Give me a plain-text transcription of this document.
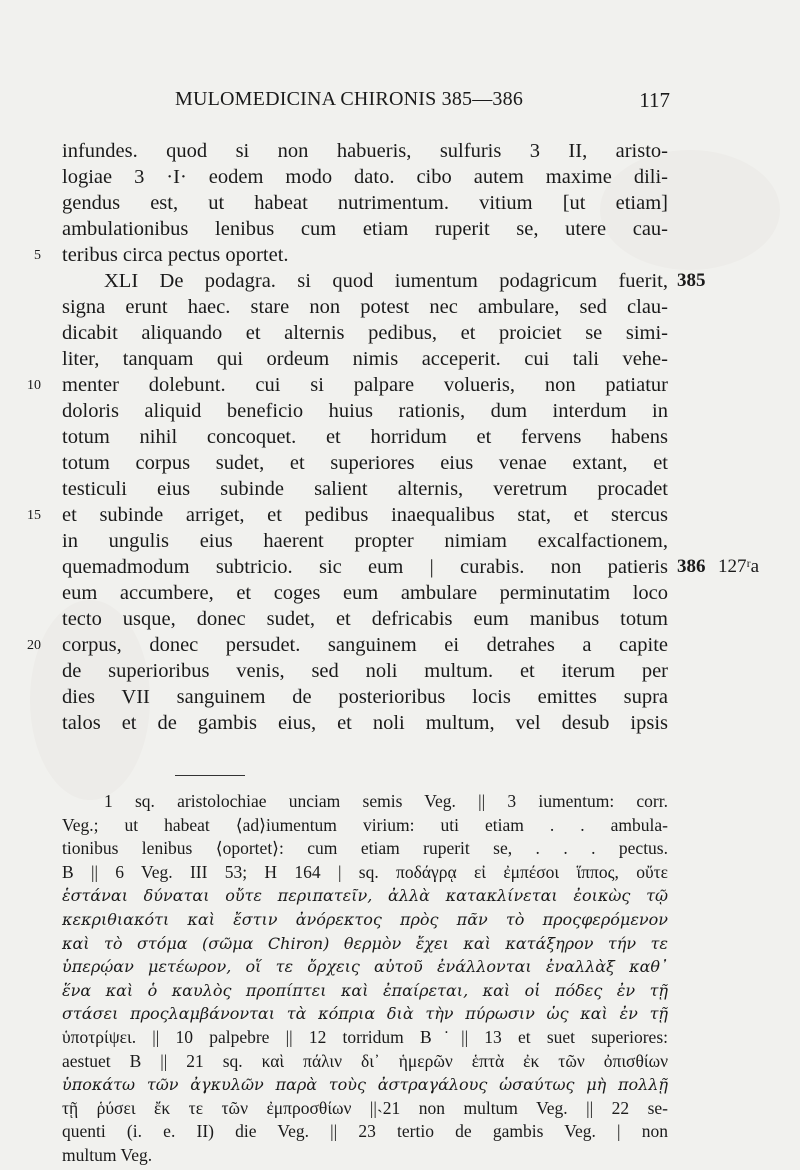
MULOMEDICINA CHIRONIS 385—386	117
infundes. quod si non habueris, sulfuris 3 II, aristo-
logiae 3 ·I· eodem modo dato. cibo autem maxime dili-
gendus est, ut habeat nutrimentum. vitium [ut etiam]
ambulationibus lenibus cum etiam ruperit se, utere cau-
5 teribus circa pectus oportet.
XLI De podagra. si quod iumentum podagricum fuerit, 385
signa erunt haec. stare non potest nec ambulare, sed clau-
dicabit aliquando et alternis pedibus, et proiciet se simi-
liter, tanquam qui ordeum nimis acceperit. cui tali vehe-
10 menter dolebunt. cui si palpare volueris, non patiatur
doloris aliquid beneficio huius rationis, dum interdum in
totum nihil concoquet. et horridum et fervens habens
totum corpus sudet, et superiores eius venae extant, et
testiculi eius subinde salient alternis, veretrum procadet
15 et subinde arriget, et pedibus inaequalibus stat, et stercus
in ungulis eius haerent propter nimiam excalfactionem,
quemadmodum subtricio. sic eum | curabis. non patieris 386 127ʳa
eum accumbere, et coges eum ambulare perminutatim loco
tecto usque, donec sudet, et defricabis eum manibus totum
20 corpus, donec persudet. sanguinem ei detrahes a capite
de superioribus venis, sed noli multum. et iterum per
dies VII sanguinem de posterioribus locis emittes supra
talos et de gambis eius, et noli multum, vel desub ipsis
1 sq. aristolochiae unciam semis Veg. || 3 iumentum: corr.
Veg.; ut habeat ⟨ad⟩iumentum virium: uti etiam . . ambula-
tionibus lenibus ⟨oportet⟩: cum etiam ruperit se, . . . pectus.
B || 6 Veg. III 53; H 164 | sq. ποδάγρᾳ εἰ ἐμπέσοι ἵππος, οὔτε
ἑστάναι δύναται οὔτε περιπατεῖν, ἀλλὰ κατακλίνεται ἐοικὼς τῷ
κεκριθιακότι καὶ ἔστιν ἀνόρεκτος πρὸς πᾶν τὸ προςφερόμενον
καὶ τὸ στόμα (σῶμα Chiron) θερμὸν ἔχει καὶ κατάξηρον τήν τε
ὑπερῴαν μετέωρον, οἵ τε ὄρχεις αὐτοῦ ἐνάλλονται ἐναλλὰξ καθ᾽
ἕνα καὶ ὁ καυλὸς προπίπτει καὶ ἐπαίρεται, καὶ οἱ πόδες ἐν τῇ
στάσει προςλαμβάνονται τὰ κόπρια διὰ τὴν πύρωσιν ὡς καὶ ἐν τῇ
ὑποτρίψει. || 10 palpebre || 12 torridum B˙|| 13 et suet superiores:
aestuet B || 21 sq. καὶ πάλιν δι᾽ ἡμερῶν ἑπτὰ ἐκ τῶν ὀπισθίων
ὑποκάτω τῶν ἀγκυλῶν παρὰ τοὺς ἀστραγάλους ὡσαύτως μὴ πολλῇ
τῇ ῥύσει ἔκ τε τῶν ἐμπροσθίων ||˴21 non multum Veg. || 22 se-
quenti (i. e. II) die Veg. || 23 tertio de gambis Veg. | non
multum Veg.
